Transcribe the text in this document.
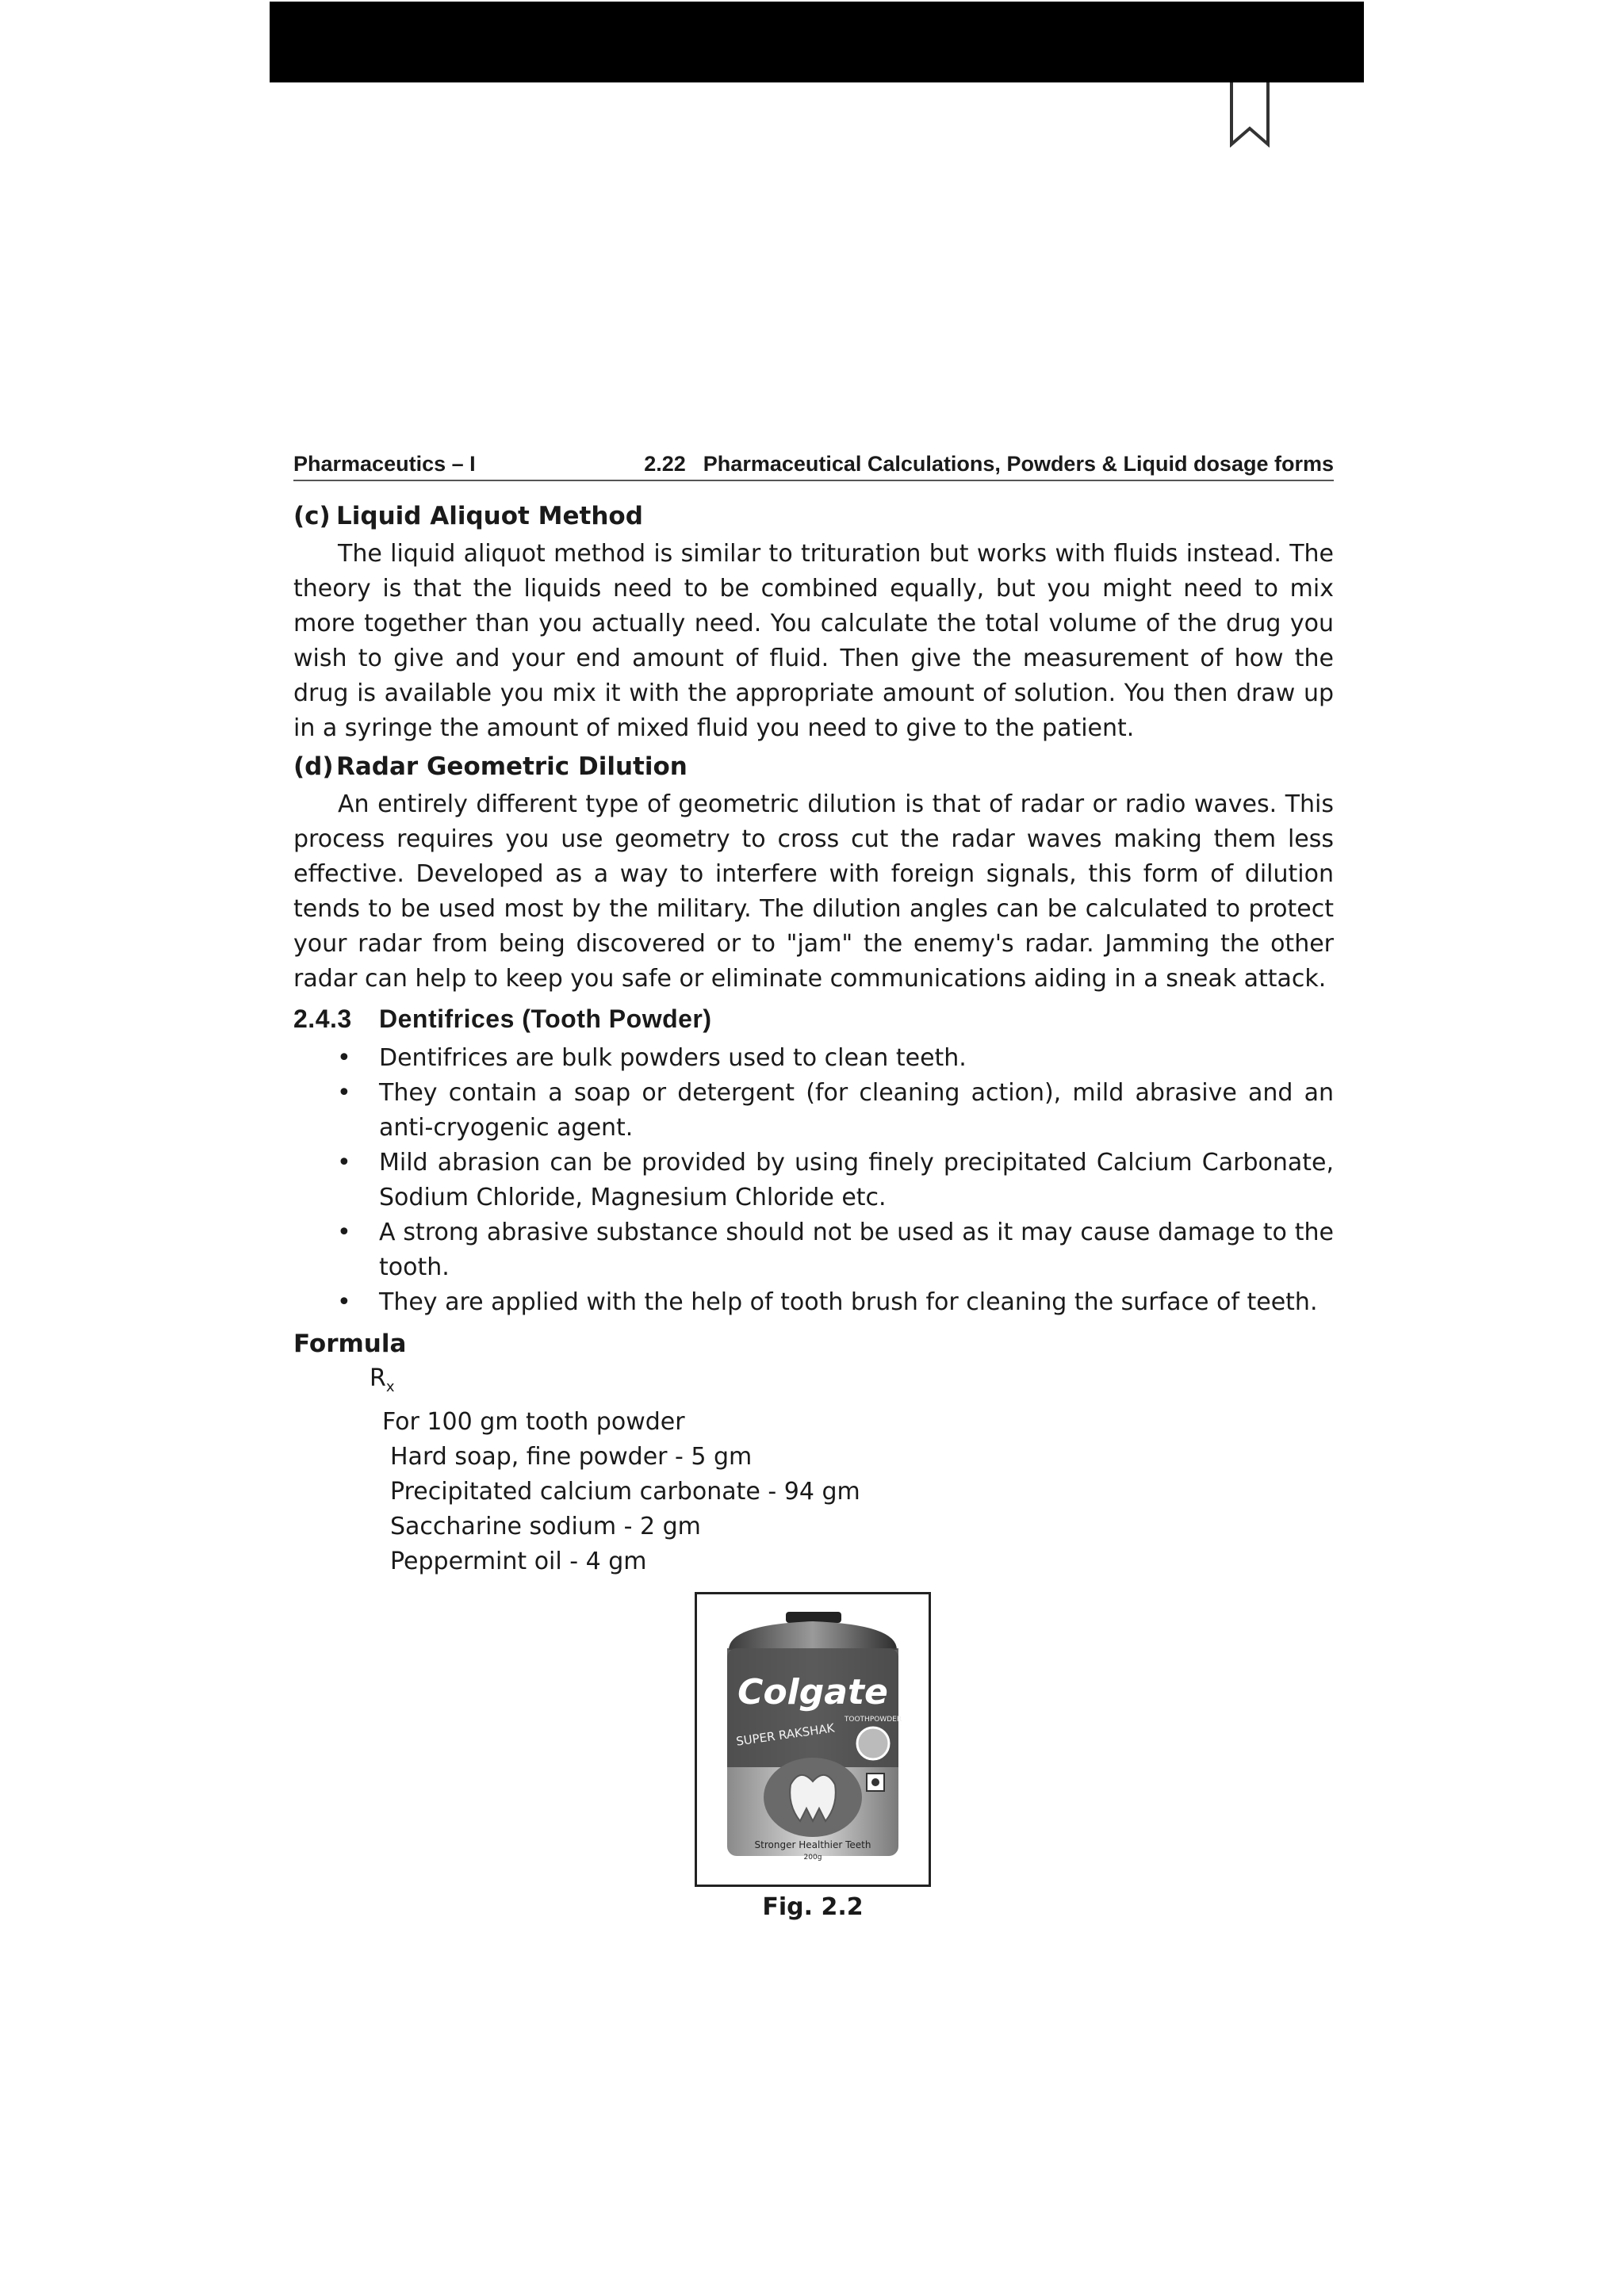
Pharmaceutics – I	2.22 Pharmaceutical Calculations, Powders & Liquid dosage forms
(c) Liquid Aliquot Method

The liquid aliquot method is similar to trituration but works with fluids instead. The theory is that the liquids need to be combined equally, but you might need to mix more together than you actually need. You calculate the total volume of the drug you wish to give and your end amount of fluid. Then give the measurement of how the drug is available you mix it with the appropriate amount of solution. You then draw up in a syringe the amount of mixed fluid you need to give to the patient.

(d) Radar Geometric Dilution

An entirely different type of geometric dilution is that of radar or radio waves. This process requires you use geometry to cross cut the radar waves making them less effective. Developed as a way to interfere with foreign signals, this form of dilution tends to be used most by the military. The dilution angles can be calculated to protect your radar from being discovered or to "jam" the enemy's radar. Jamming the other radar can help to keep you safe or eliminate communications aiding in a sneak attack.

2.4.3 Dentifrices (Tooth Powder)
• Dentifrices are bulk powders used to clean teeth.
• They contain a soap or detergent (for cleaning action), mild abrasive and an anti-cryogenic agent.
• Mild abrasion can be provided by using finely precipitated Calcium Carbonate, Sodium Chloride, Magnesium Chloride etc.
• A strong abrasive substance should not be used as it may cause damage to the tooth.
• They are applied with the help of tooth brush for cleaning the surface of teeth.
Formula
$R_x$
For 100 gm tooth powder
Hard soap, fine powder - 5 gm
Precipitated calcium carbonate - 94 gm
Saccharine sodium - 2 gm
Peppermint oil - 4 gm
Colgate
TOOTHPOWDER
SUPER RAKSHAK
Stronger Healthier Teeth
200g
Fig. 2.2
